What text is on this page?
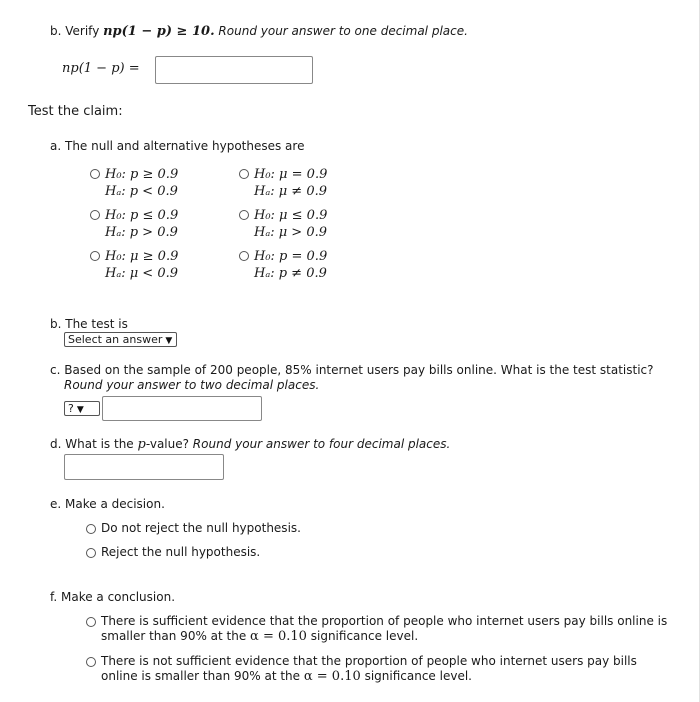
b. Verify np(1 − p) ≥ 10. Round your answer to one decimal place.
np(1 − p) =
Test the claim:
a. The null and alternative hypotheses are
H₀: p ≥ 0.9
Hₐ: p < 0.9
H₀: μ = 0.9
Hₐ: μ ≠ 0.9
H₀: p ≤ 0.9
Hₐ: p > 0.9
H₀: μ ≤ 0.9
Hₐ: μ > 0.9
H₀: μ ≥ 0.9
Hₐ: μ < 0.9
H₀: p = 0.9
Hₐ: p ≠ 0.9
b. The test is
Select an answer ▼
c. Based on the sample of 200 people, 85% internet users pay bills online. What is the test statistic?
Round your answer to two decimal places.
? ▼
d. What is the p-value? Round your answer to four decimal places.
e. Make a decision.
Do not reject the null hypothesis.
Reject the null hypothesis.
f. Make a conclusion.
There is sufficient evidence that the proportion of people who internet users pay bills online is
smaller than 90% at the α = 0.10 significance level.
There is not sufficient evidence that the proportion of people who internet users pay bills
online is smaller than 90% at the α = 0.10 significance level.
